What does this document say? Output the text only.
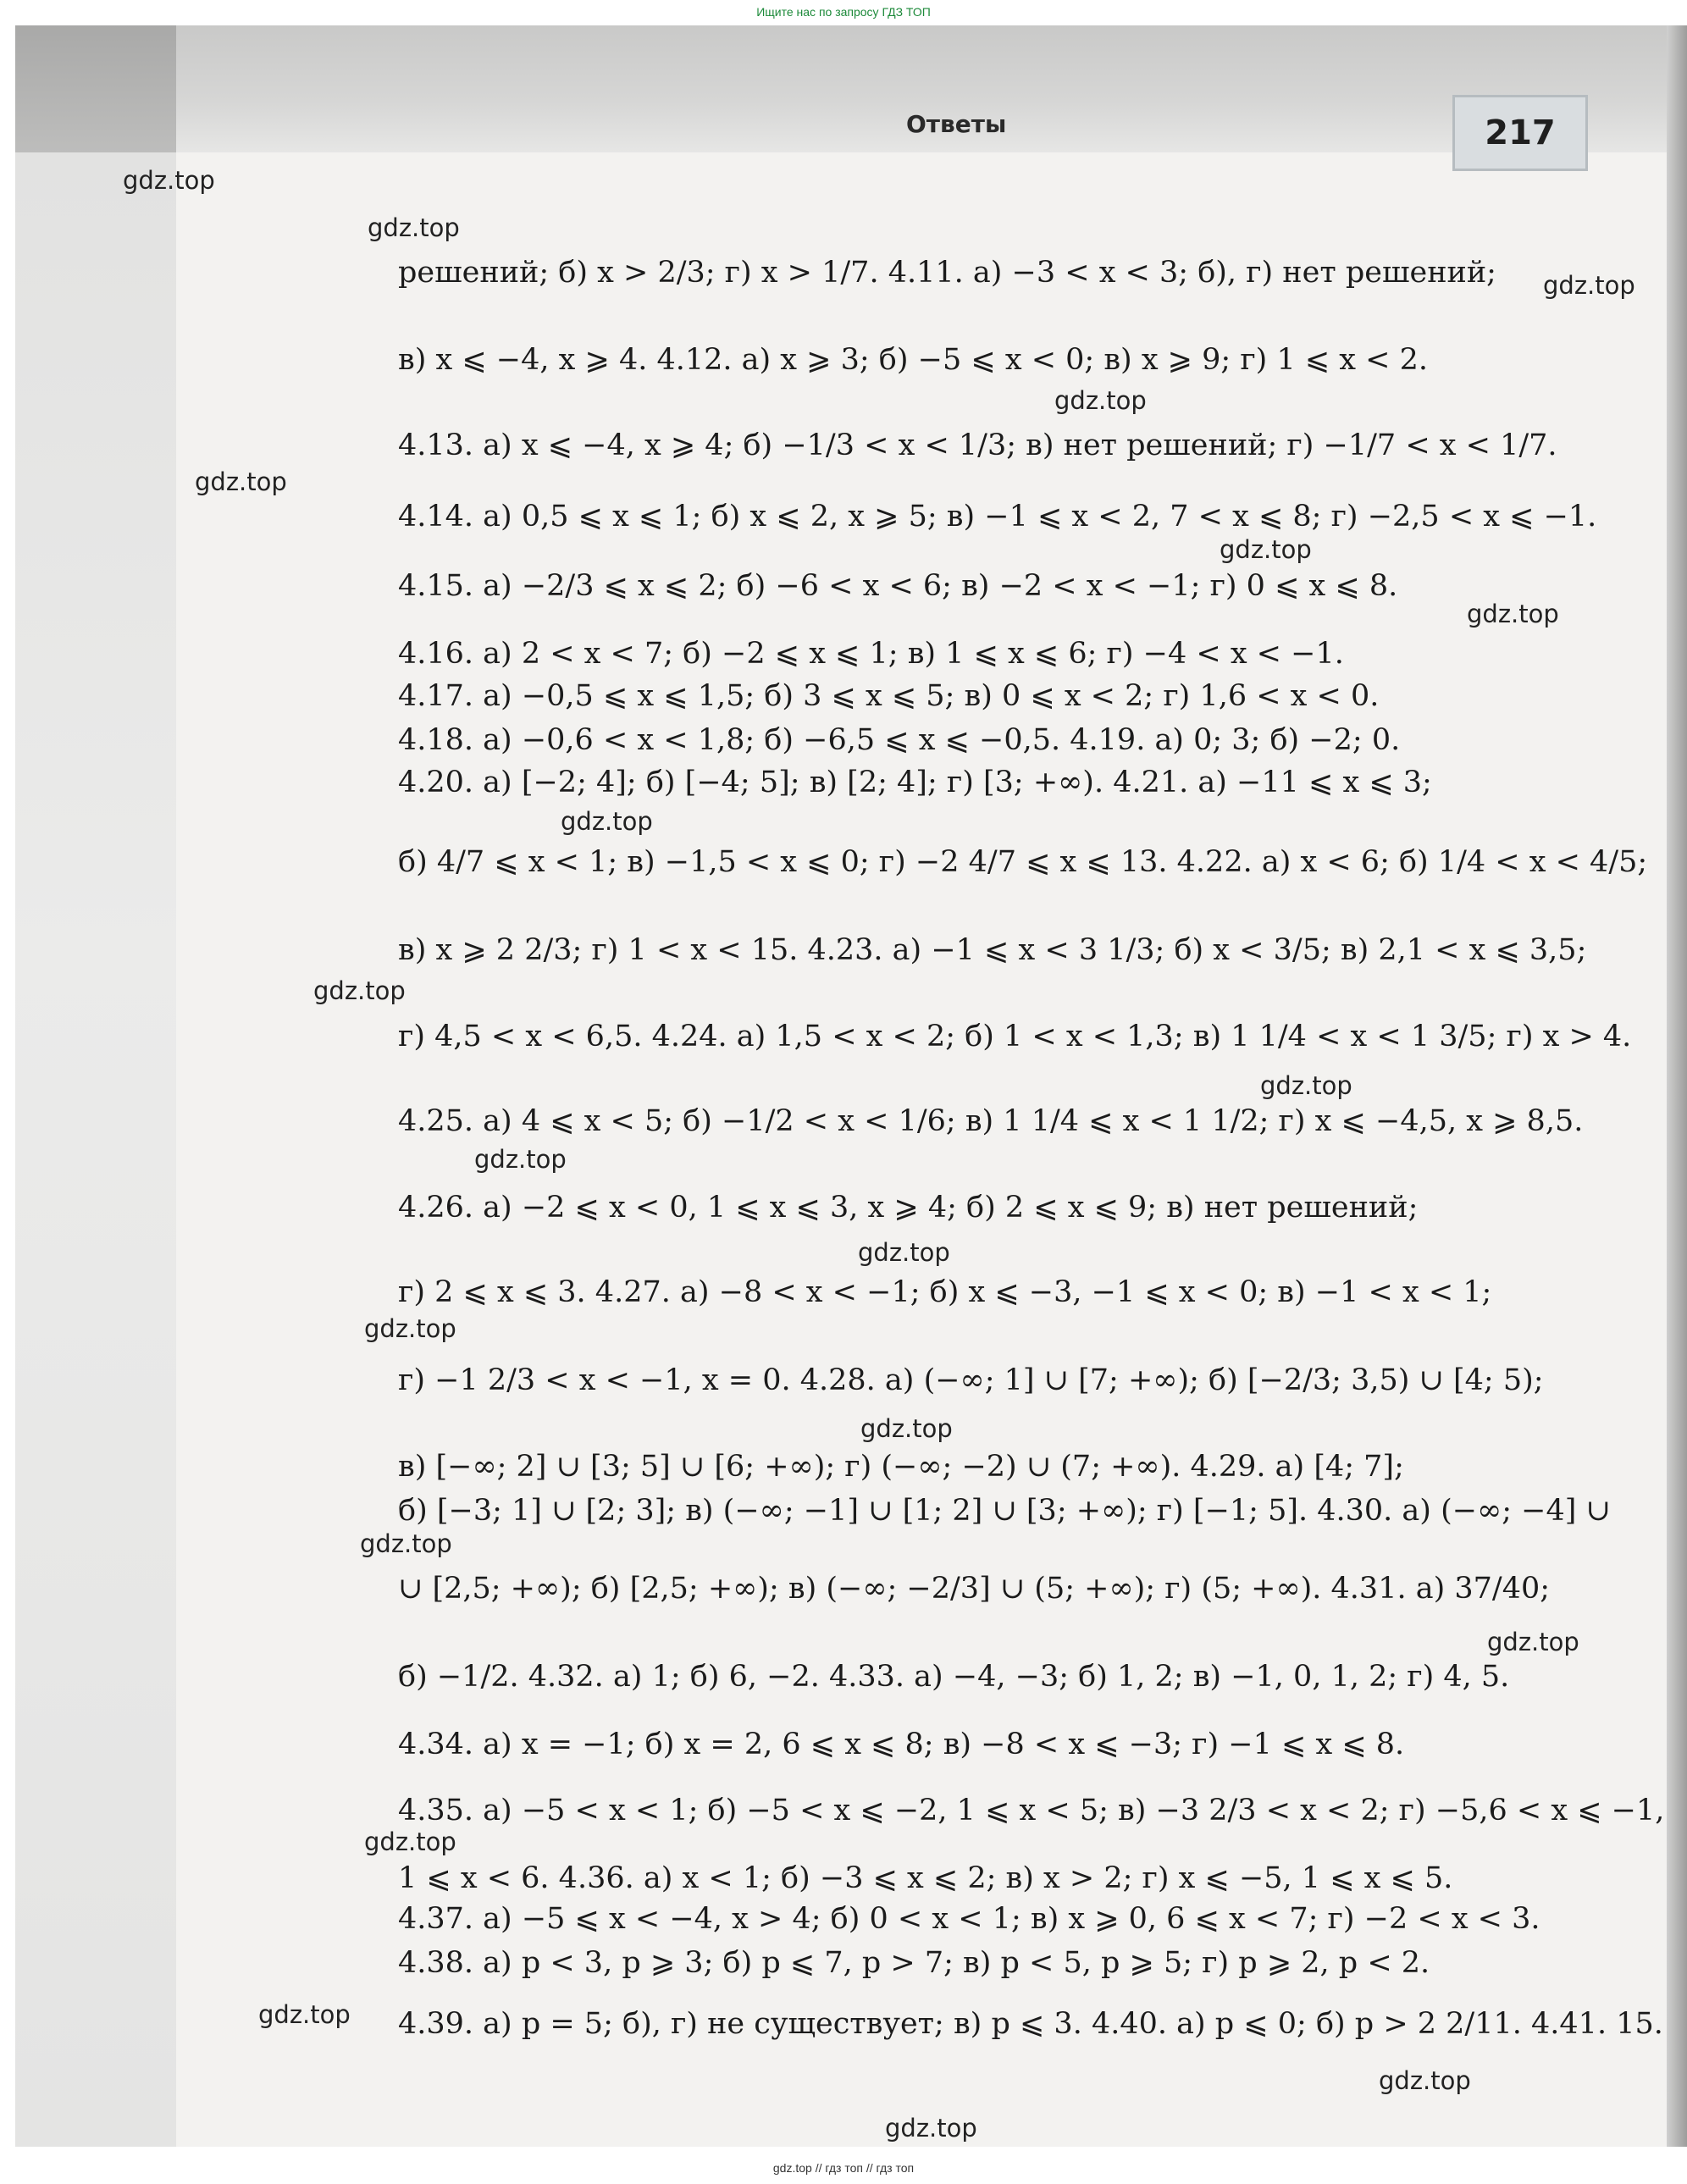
Ищите нас по запросу ГДЗ ТОП
Ответы	217
gdz.top
gdz.top
gdz.top
gdz.top
gdz.top
gdz.top
gdz.top
gdz.top
gdz.top
gdz.top
gdz.top
gdz.top
gdz.top
gdz.top
gdz.top
gdz.top
gdz.top
gdz.top
gdz.top
gdz.top
решений; б) x > 2/3; г) x > 1/7. 4.11. а) −3 < x < 3; б), г) нет решений;
в) x ⩽ −4, x ⩾ 4. 4.12. а) x ⩾ 3; б) −5 ⩽ x < 0; в) x ⩾ 9; г) 1 ⩽ x < 2.
4.13. а) x ⩽ −4, x ⩾ 4; б) −1/3 < x < 1/3; в) нет решений; г) −1/7 < x < 1/7.
4.14. а) 0,5 ⩽ x ⩽ 1; б) x ⩽ 2, x ⩾ 5; в) −1 ⩽ x < 2, 7 < x ⩽ 8; г) −2,5 < x ⩽ −1.
4.15. а) −2/3 ⩽ x ⩽ 2; б) −6 < x < 6; в) −2 < x < −1; г) 0 ⩽ x ⩽ 8.
4.16. а) 2 < x < 7; б) −2 ⩽ x ⩽ 1; в) 1 ⩽ x ⩽ 6; г) −4 < x < −1.
4.17. а) −0,5 ⩽ x ⩽ 1,5; б) 3 ⩽ x ⩽ 5; в) 0 ⩽ x < 2; г) 1,6 < x < 0.
4.18. а) −0,6 < x < 1,8; б) −6,5 ⩽ x ⩽ −0,5. 4.19. а) 0; 3; б) −2; 0.
4.20. а) [−2; 4]; б) [−4; 5]; в) [2; 4]; г) [3; +∞). 4.21. а) −11 ⩽ x ⩽ 3;
б) 4/7 ⩽ x < 1; в) −1,5 < x ⩽ 0; г) −2 4/7 ⩽ x ⩽ 13. 4.22. а) x < 6; б) 1/4 < x < 4/5;
в) x ⩾ 2 2/3; г) 1 < x < 15. 4.23. а) −1 ⩽ x < 3 1/3; б) x < 3/5; в) 2,1 < x ⩽ 3,5;
г) 4,5 < x < 6,5. 4.24. а) 1,5 < x < 2; б) 1 < x < 1,3; в) 1 1/4 < x < 1 3/5; г) x > 4.
4.25. а) 4 ⩽ x < 5; б) −1/2 < x < 1/6; в) 1 1/4 ⩽ x < 1 1/2; г) x ⩽ −4,5, x ⩾ 8,5.
4.26. а) −2 ⩽ x < 0, 1 ⩽ x ⩽ 3, x ⩾ 4; б) 2 ⩽ x ⩽ 9; в) нет решений;
г) 2 ⩽ x ⩽ 3. 4.27. а) −8 < x < −1; б) x ⩽ −3, −1 ⩽ x < 0; в) −1 < x < 1;
г) −1 2/3 < x < −1, x = 0. 4.28. а) (−∞; 1] ∪ [7; +∞); б) [−2/3; 3,5) ∪ [4; 5);
в) [−∞; 2] ∪ [3; 5] ∪ [6; +∞); г) (−∞; −2) ∪ (7; +∞). 4.29. а) [4; 7];
б) [−3; 1] ∪ [2; 3]; в) (−∞; −1] ∪ [1; 2] ∪ [3; +∞); г) [−1; 5]. 4.30. а) (−∞; −4] ∪
∪ [2,5; +∞); б) [2,5; +∞); в) (−∞; −2/3] ∪ (5; +∞); г) (5; +∞). 4.31. а) 37/40;
б) −1/2. 4.32. а) 1; б) 6, −2. 4.33. а) −4, −3; б) 1, 2; в) −1, 0, 1, 2; г) 4, 5.
4.34. а) x = −1; б) x = 2, 6 ⩽ x ⩽ 8; в) −8 < x ⩽ −3; г) −1 ⩽ x ⩽ 8.
4.35. а) −5 < x < 1; б) −5 < x ⩽ −2, 1 ⩽ x < 5; в) −3 2/3 < x < 2; г) −5,6 < x ⩽ −1,
1 ⩽ x < 6. 4.36. а) x < 1; б) −3 ⩽ x ⩽ 2; в) x > 2; г) x ⩽ −5, 1 ⩽ x ⩽ 5.
4.37. а) −5 ⩽ x < −4, x > 4; б) 0 < x < 1; в) x ⩾ 0, 6 ⩽ x < 7; г) −2 < x < 3.
4.38. а) p < 3, p ⩾ 3; б) p ⩽ 7, p > 7; в) p < 5, p ⩾ 5; г) p ⩾ 2, p < 2.
4.39. а) p = 5; б), г) не существует; в) p ⩽ 3. 4.40. а) p ⩽ 0; б) p > 2 2/11. 4.41. 15.
gdz.top // гдз топ // гдз топ
